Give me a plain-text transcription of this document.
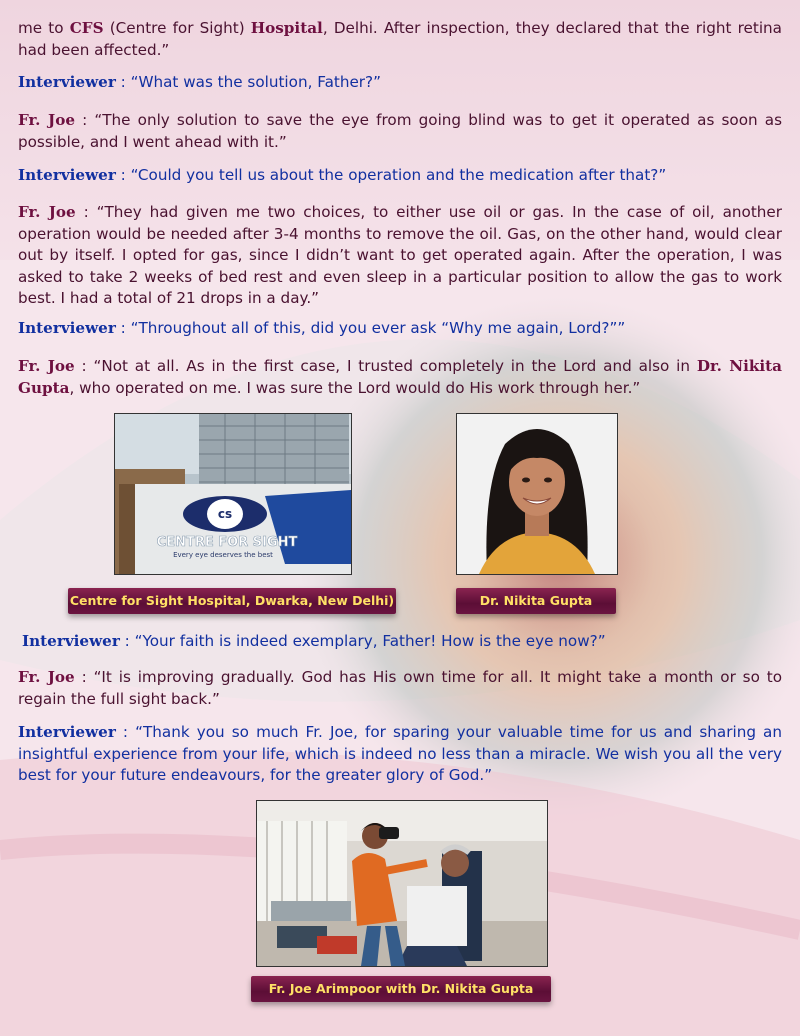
me to CFS (Centre for Sight) Hospital, Delhi. After inspection, they declared that the right retina had been affected.”

Interviewer : “What was the solution, Father?”

Fr. Joe : “The only solution to save the eye from going blind was to get it operated as soon as possible, and I went ahead with it.”

Interviewer : “Could you tell us about the operation and the medication after that?”

Fr. Joe : “They had given me two choices, to either use oil or gas. In the case of oil, another operation would be needed after 3-4 months to remove the oil. Gas, on the other hand, would clear out by itself. I opted for gas, since I didn’t want to get operated again. After the operation, I was asked to take 2 weeks of bed rest and even sleep in a particular position to allow the gas to work best. I had a total of 21 drops in a day.”

Interviewer : “Throughout all of this, did you ever ask “Why me again, Lord?””

Fr. Joe : “Not at all. As in the first case, I trusted completely in the Lord and also in Dr. Nikita Gupta, who operated on me. I was sure the Lord would do His work through her.”

cs
CENTRE FOR SIGHT
Every eye deserves the best
Centre for Sight Hospital, Dwarka, New Delhi)	Dr. Nikita Gupta

Interviewer : “Your faith is indeed exemplary, Father! How is the eye now?”

Fr. Joe : “It is improving gradually. God has His own time for all. It might take a month or so to regain the full sight back.”

Interviewer : “Thank you so much Fr. Joe, for sparing your valuable time for us and sharing an insightful experience from your life, which is indeed no less than a miracle. We wish you all the very best for your future endeavours, for the greater glory of God.”

Fr. Joe Arimpoor with Dr. Nikita Gupta
